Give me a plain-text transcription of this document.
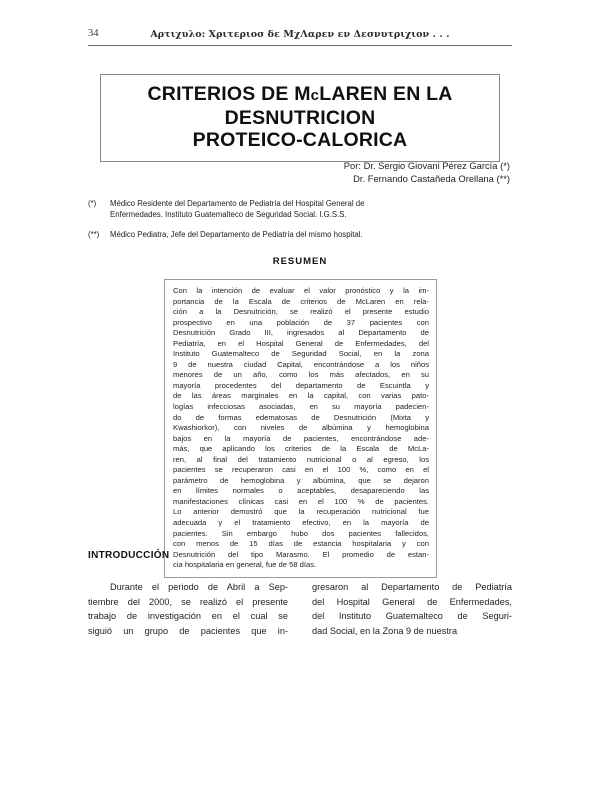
34	Αρτιχυλο: Χριτεριοσ δε ΜχΛαρεν εν Δεσνυτριχιον . . .
CRITERIOS DE McLAREN EN LA
DESNUTRICION
PROTEICO-CALORICA
Por: Dr. Sergio Giovani Pérez García (*)
Dr. Fernando Castañeda Orellana (**)
(*) Médico Residente del Departamento de Pediatría del Hospital General de
Enfermedades. Instituto Guatemalteco de Seguridad Social. I.G.S.S.
(**) Médico Pediatra, Jefe del Departamento de Pediatría del mismo hospital.
RESUMEN
Con la intención de evaluar el valor pronóstico y la im-
portancia de la Escala de criterios de McLaren en rela-
ción a la Desnutrición, se realizó el presente estudio
prospectivo en una población de 37 pacientes con
Desnutrición Grado III, ingresados al Departamento de
Pediatría, en el Hospital General de Enfermedades, del
Instituto Guatemalteco de Seguridad Social, en la zona
9 de nuestra ciudad Capital, encontrándose a los niños
menores de un año, como los más afectados, en su
mayoría procedentes del departamento de Escuintla y
de las áreas marginales en la capital, con varias pato-
logías infecciosas asociadas, en su mayoría padecien-
do de formas edematosas de Desnutrición (Mixta y
Kwashiorkor), con niveles de albúmina y hemoglobina
bajos en la mayoría de pacientes, encontrándose ade-
más, que aplicando los criterios de la Escala de McLa-
ren, al final del tratamiento nutricional o al egreso, los
pacientes se recuperaron casi en el 100 %, como en el
parámetro de hemoglobina y albúmina, que se dejaron
en límites normales o aceptables, desapareciendo las
manifestaciones clínicas casi en el 100 % de pacientes.
Lo anterior demostró que la recuperación nutricional fue
adecuada y el tratamiento efectivo, en la mayoría de
pacientes. Sin embargo hubo dos pacientes fallecidos,
con menos de 15 días de estancia hospitalaria y con
Desnutrición del tipo Marasmo. El promedio de estan-
cia hospitalaria en general, fue de 58 días.
INTRODUCCIÓN
Durante el periodo de Abril a Sep-
tiembre del 2000, se realizó el presente
trabajo de investigación en el cual se
siguió un grupo de pacientes que in-
gresaron al Departamento de Pediatría
del Hospital General de Enfermedades,
del Instituto Guatemalteco de Seguri-
dad Social, en la Zona 9 de nuestra
